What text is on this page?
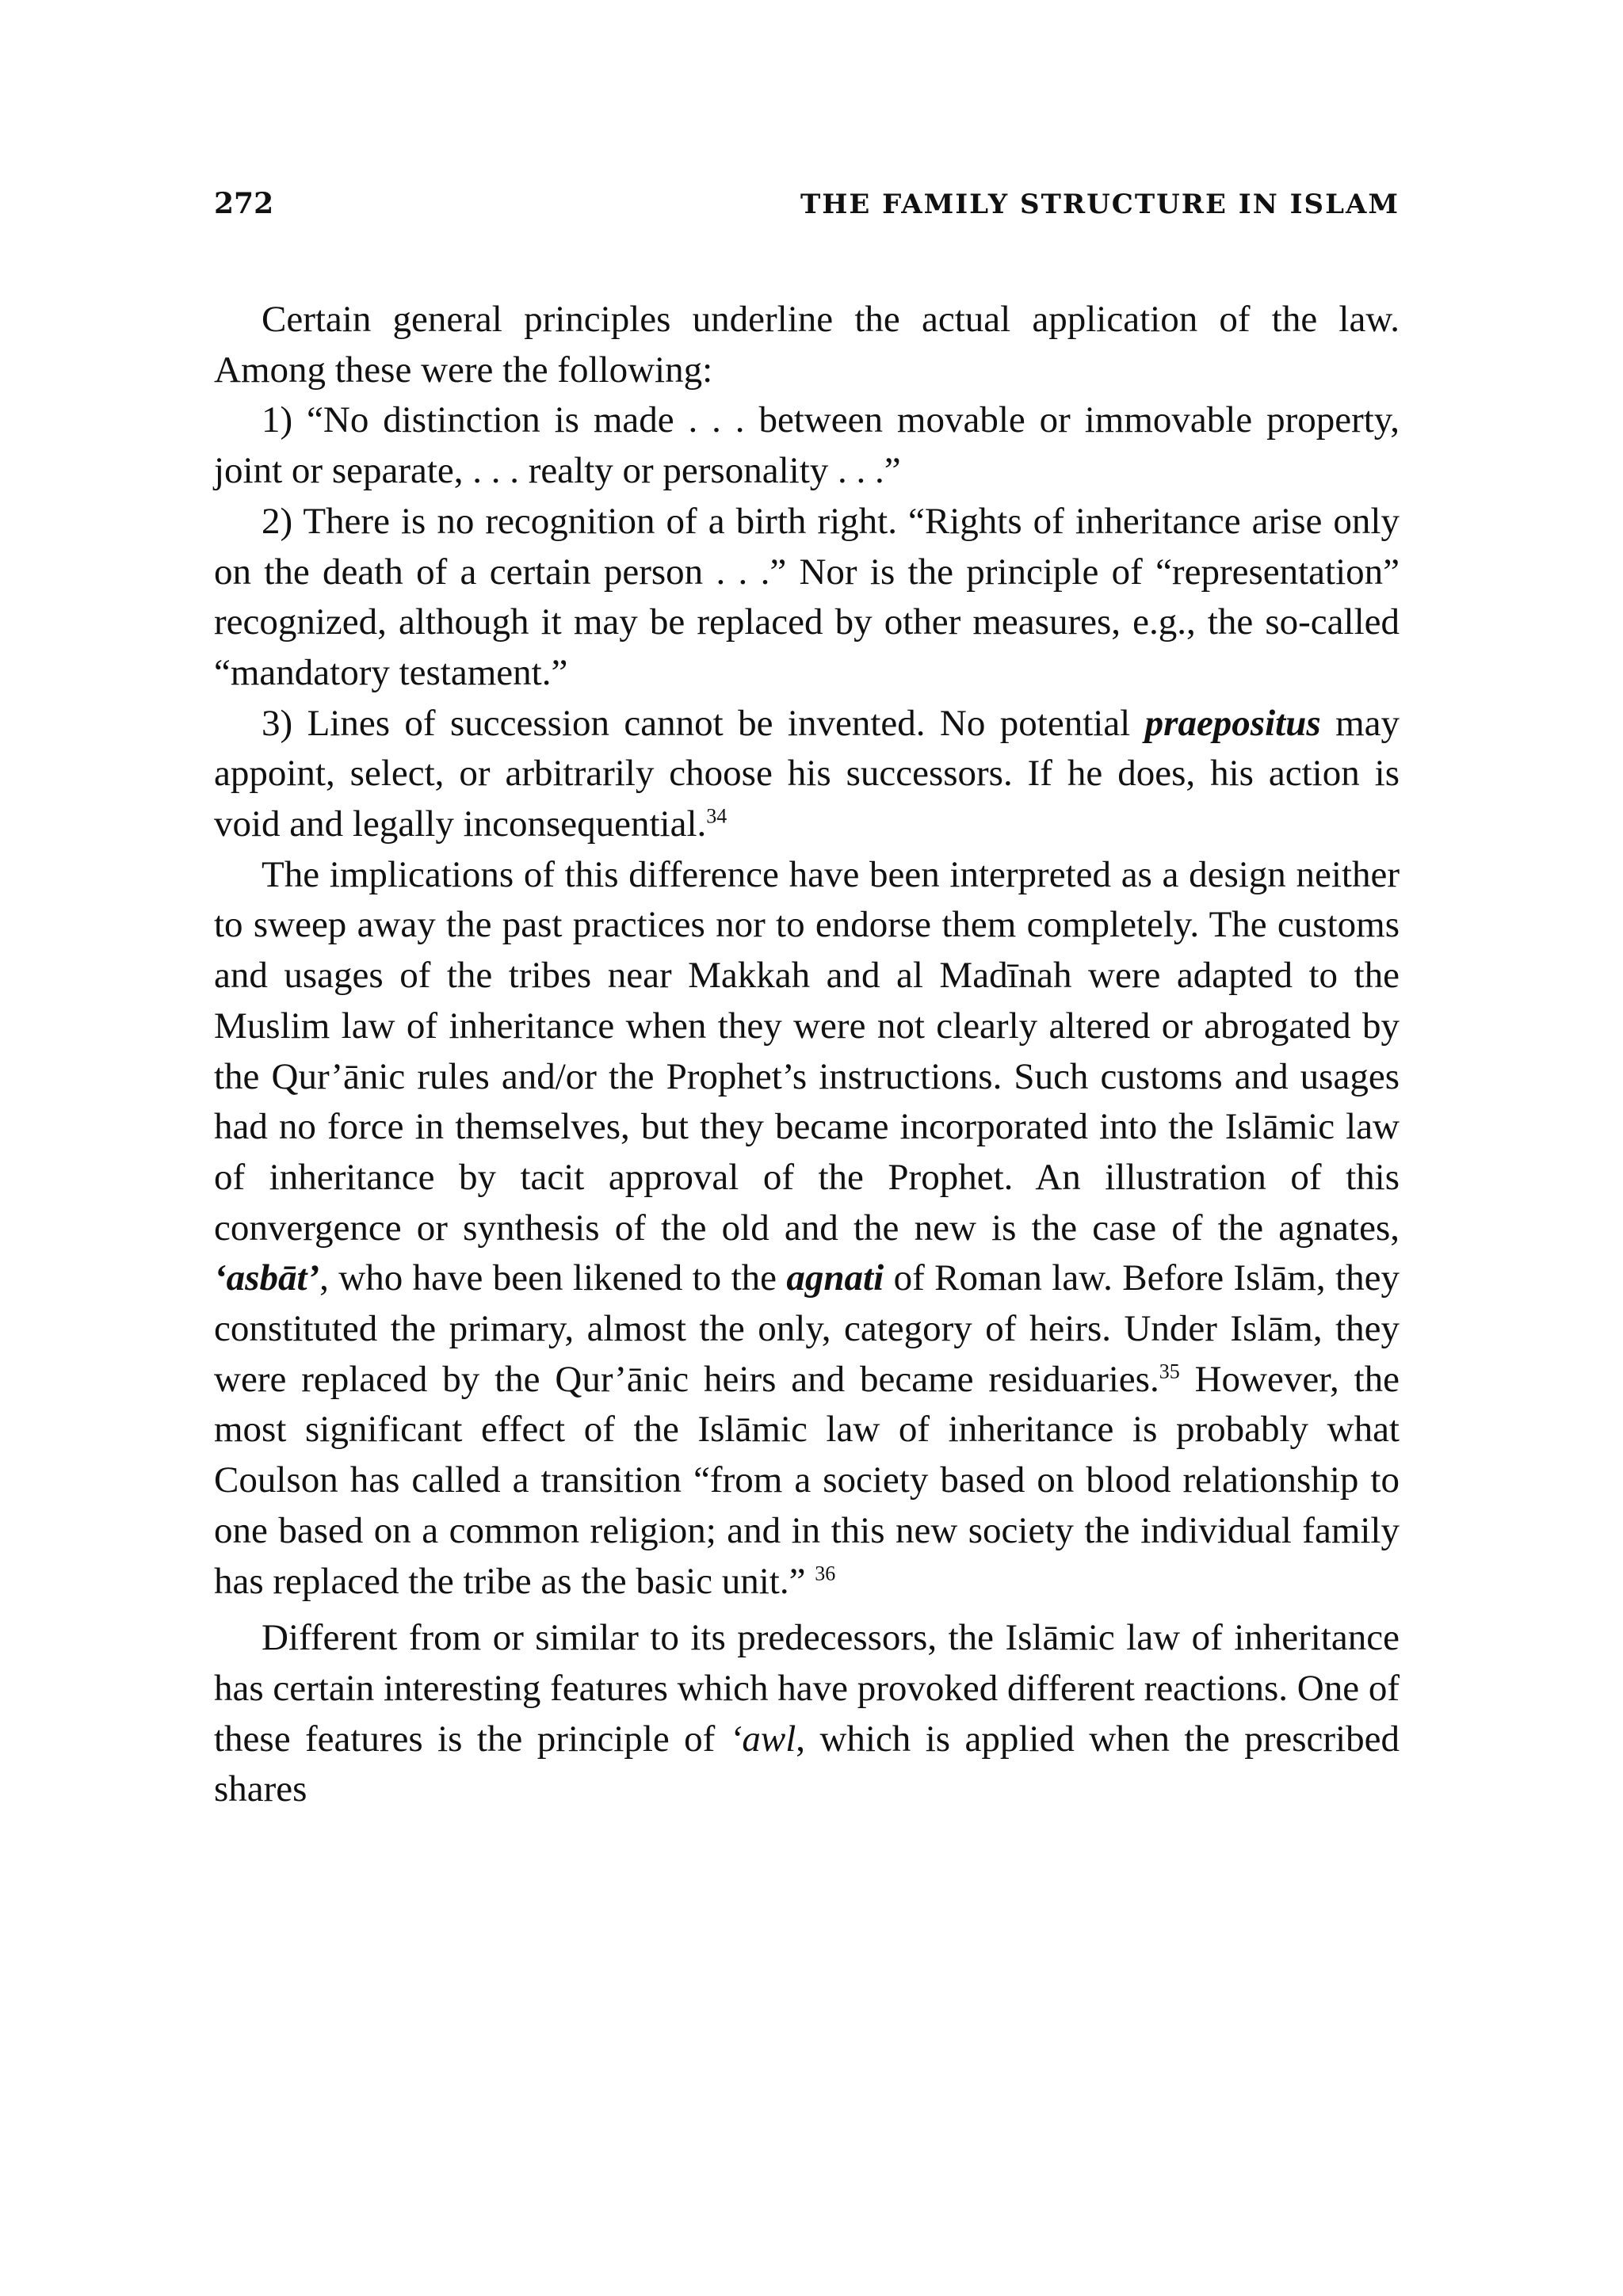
272	THE FAMILY STRUCTURE IN ISLAM

Certain general principles underline the actual application of the law. Among these were the following:

1) “No distinction is made . . . between movable or immovable property, joint or separate, . . . realty or personality . . .”

2) There is no recognition of a birth right. “Rights of inheritance arise only on the death of a certain person . . .” Nor is the principle of “representation” recognized, although it may be replaced by other measures, e.g., the so-called “mandatory testament.”

3) Lines of succession cannot be invented. No potential praepositus may appoint, select, or arbitrarily choose his successors. If he does, his action is void and legally inconsequential.$^{34}$

The implications of this difference have been interpreted as a design neither to sweep away the past practices nor to endorse them completely. The customs and usages of the tribes near Makkah and al Madīnah were adapted to the Muslim law of inheritance when they were not clearly altered or abrogated by the Qur’ānic rules and/or the Prophet’s instructions. Such customs and usages had no force in themselves, but they became incorporated into the Islāmic law of inheritance by tacit approval of the Prophet. An illustration of this convergence or synthesis of the old and the new is the case of the agnates, ‘asbāt’, who have been likened to the agnati of Roman law. Before Islām, they constituted the primary, almost the only, category of heirs. Under Islām, they were replaced by the Qur’ānic heirs and became residuaries.$^{35}$ However, the most significant effect of the Islāmic law of inheritance is probably what Coulson has called a transition “from a society based on blood relationship to one based on a common religion; and in this new society the individual family has replaced the tribe as the basic unit.” $^{36}$

Different from or similar to its predecessors, the Islāmic law of inheritance has certain interesting features which have provoked different reactions. One of these features is the principle of ‘awl, which is applied when the prescribed shares
